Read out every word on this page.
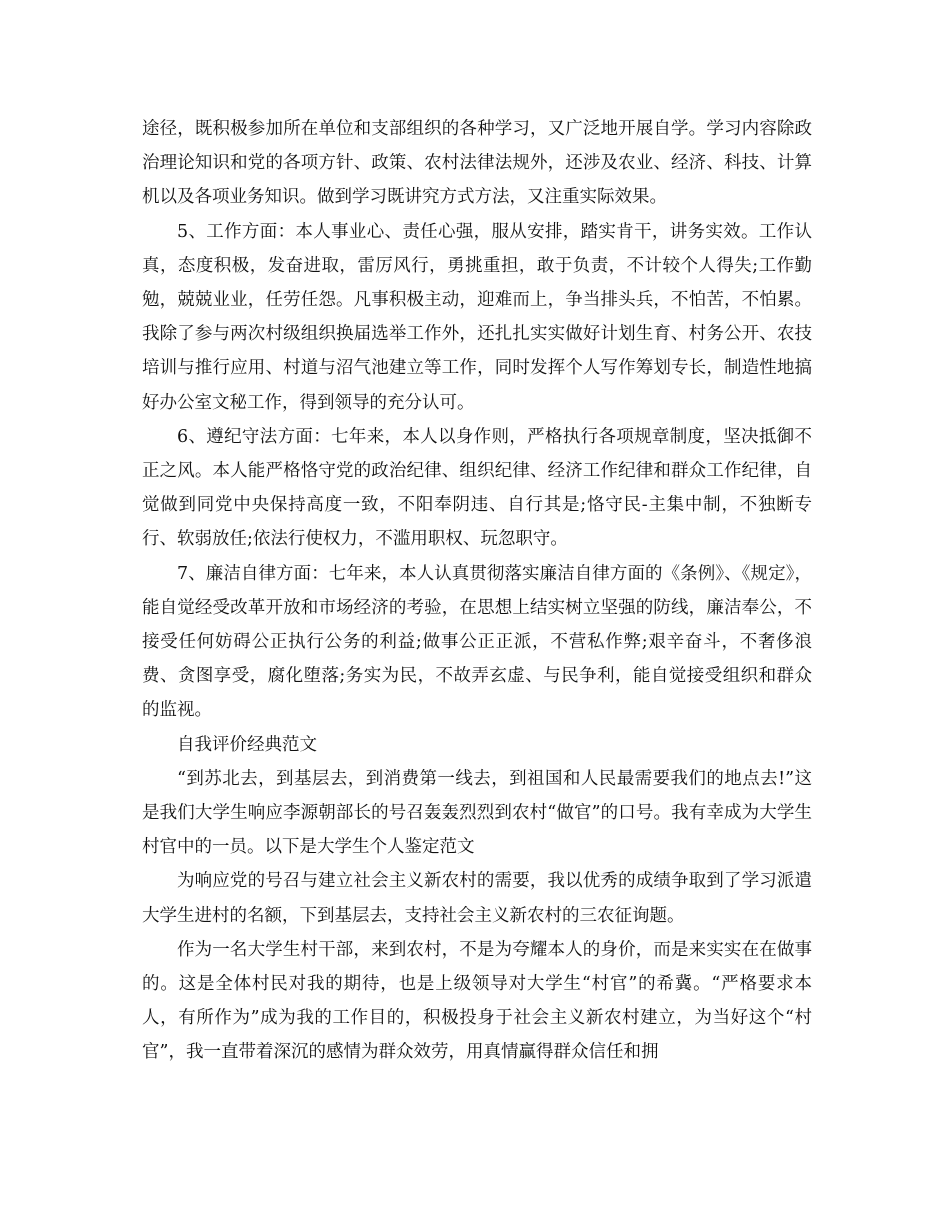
途径，既积极参加所在单位和支部组织的各种学习，又广泛地开展自学。学习内容除政治理论知识和党的各项方针、政策、农村法律法规外，还涉及农业、经济、科技、计算机以及各项业务知识。做到学习既讲究方式方法，又注重实际效果。

5、工作方面：本人事业心、责任心强，服从安排，踏实肯干，讲务实效。工作认真，态度积极，发奋进取，雷厉风行，勇挑重担，敢于负责，不计较个人得失;工作勤勉，兢兢业业，任劳任怨。凡事积极主动，迎难而上，争当排头兵，不怕苦，不怕累。我除了参与两次村级组织换届选举工作外，还扎扎实实做好计划生育、村务公开、农技培训与推行应用、村道与沼气池建立等工作，同时发挥个人写作筹划专长，制造性地搞好办公室文秘工作，得到领导的充分认可。

6、遵纪守法方面：七年来，本人以身作则，严格执行各项规章制度，坚决抵御不正之风。本人能严格恪守党的政治纪律、组织纪律、经济工作纪律和群众工作纪律，自觉做到同党中央保持高度一致，不阳奉阴违、自行其是;恪守民-主集中制，不独断专行、软弱放任;依法行使权力，不滥用职权、玩忽职守。

7、廉洁自律方面：七年来，本人认真贯彻落实廉洁自律方面的《条例》、《规定》，能自觉经受改革开放和市场经济的考验，在思想上结实树立坚强的防线，廉洁奉公，不接受任何妨碍公正执行公务的利益;做事公正正派，不营私作弊;艰辛奋斗，不奢侈浪费、贪图享受，腐化堕落;务实为民，不故弄玄虚、与民争利，能自觉接受组织和群众的监视。

自我评价经典范文

“到苏北去，到基层去，到消费第一线去，到祖国和人民最需要我们的地点去!”这是我们大学生响应李源朝部长的号召轰轰烈烈到农村“做官”的口号。我有幸成为大学生村官中的一员。以下是大学生个人鉴定范文

为响应党的号召与建立社会主义新农村的需要，我以优秀的成绩争取到了学习派遣大学生进村的名额，下到基层去，支持社会主义新农村的三农征询题。

作为一名大学生村干部，来到农村，不是为夸耀本人的身价，而是来实实在在做事的。这是全体村民对我的期待，也是上级领导对大学生“村官”的希冀。“严格要求本人，有所作为”成为我的工作目的，积极投身于社会主义新农村建立，为当好这个“村官”，我一直带着深沉的感情为群众效劳，用真情赢得群众信任和拥
